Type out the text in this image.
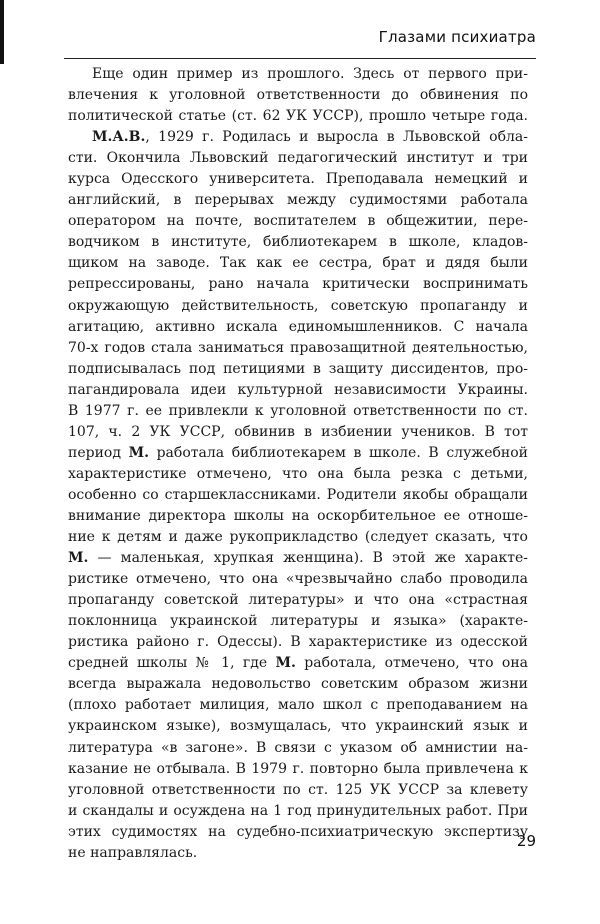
Глазами психиатра
Еще один пример из прошлого. Здесь от первого при-
влечения к уголовной ответственности до обвинения по
политической статье (ст. 62 УК УССР), прошло четыре года.
М.А.В., 1929 г. Родилась и выросла в Львовской обла-
сти. Окончила Львовский педагогический институт и три
курса Одесского университета. Преподавала немецкий и
английский, в перерывах между судимостями работала
оператором на почте, воспитателем в общежитии, пере-
водчиком в институте, библиотекарем в школе, кладов-
щиком на заводе. Так как ее сестра, брат и дядя были
репрессированы, рано начала критически воспринимать
окружающую действительность, советскую пропаганду и
агитацию, активно искала единомышленников. С начала
70-х годов стала заниматься правозащитной деятельностью,
подписывалась под петициями в защиту диссидентов, про-
пагандировала идеи культурной независимости Украины.
В 1977 г. ее привлекли к уголовной ответственности по ст.
107, ч. 2 УК УССР, обвинив в избиении учеников. В тот
период М. работала библиотекарем в школе. В служебной
характеристике отмечено, что она была резка с детьми,
особенно со старшеклассниками. Родители якобы обращали
внимание директора школы на оскорбительное ее отноше-
ние к детям и даже рукоприкладство (следует сказать, что
М. — маленькая, хрупкая женщина). В этой же характе-
ристике отмечено, что она «чрезвычайно слабо проводила
пропаганду советской литературы» и что она «страстная
поклонница украинской литературы и языка» (характе-
ристика районо г. Одессы). В характеристике из одесской
средней школы № 1, где М. работала, отмечено, что она
всегда выражала недовольство советским образом жизни
(плохо работает милиция, мало школ с преподаванием на
украинском языке), возмущалась, что украинский язык и
литература «в загоне». В связи с указом об амнистии на-
казание не отбывала. В 1979 г. повторно была привлечена к
уголовной ответственности по ст. 125 УК УССР за клевету
и скандалы и осуждена на 1 год принудительных работ. При
этих судимостях на судебно-психиатрическую экспертизу
не направлялась.
29
